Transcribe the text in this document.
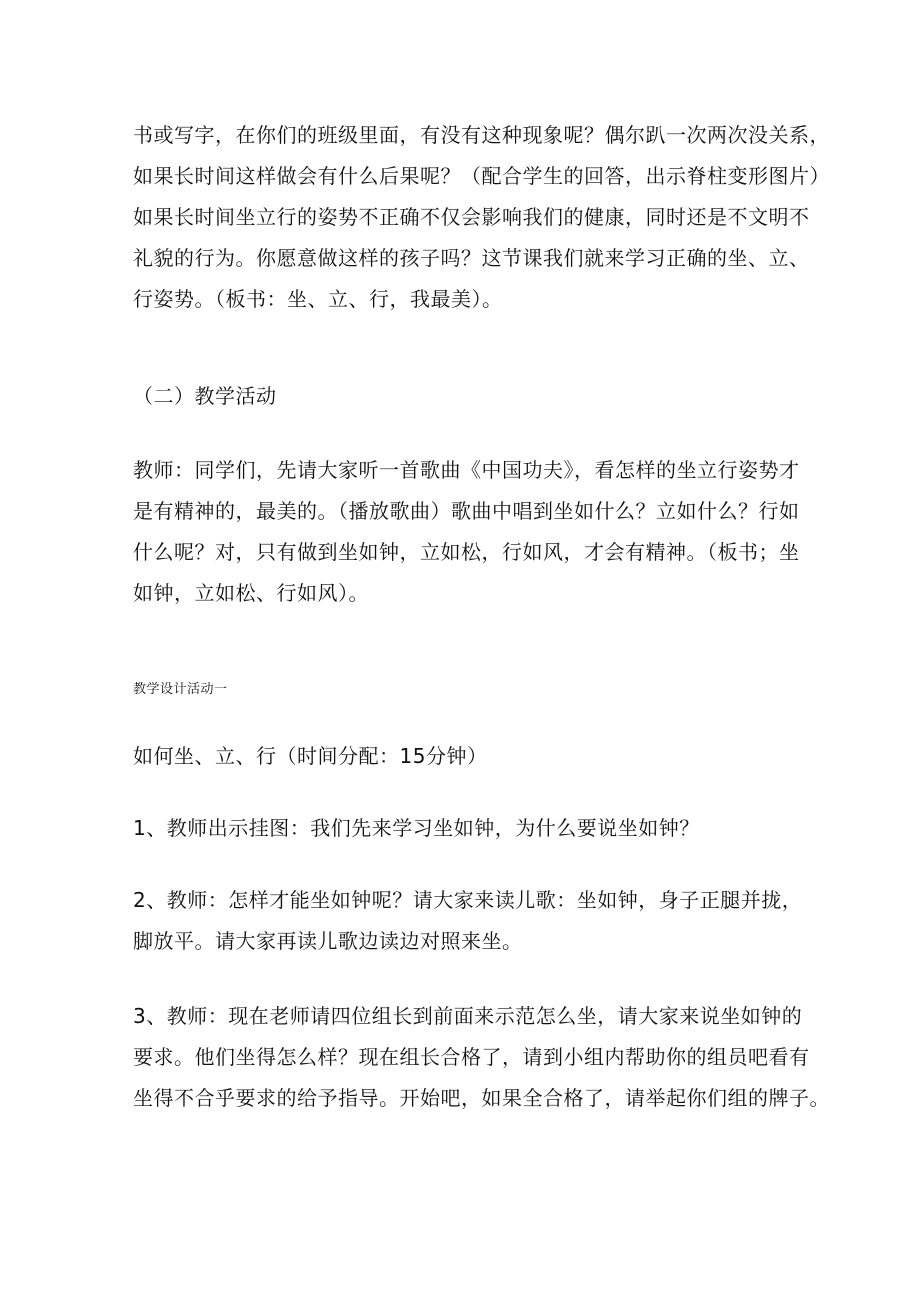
书或写字，在你们的班级里面，有没有这种现象呢？偶尔趴一次两次没关系，
如果长时间这样做会有什么后果呢？（配合学生的回答，出示脊柱变形图片）
如果长时间坐立行的姿势不正确不仅会影响我们的健康，同时还是不文明不
礼貌的行为。你愿意做这样的孩子吗？这节课我们就来学习正确的坐、立、
行姿势。（板书：坐、立、行，我最美）。
（二）教学活动
教师：同学们，先请大家听一首歌曲《中国功夫》，看怎样的坐立行姿势才
是有精神的，最美的。（播放歌曲）歌曲中唱到坐如什么？立如什么？行如
什么呢？对，只有做到坐如钟，立如松，行如风，才会有精神。（板书；坐
如钟，立如松、行如风）。
教学设计活动一
如何坐、立、行（时间分配：15分钟）
1、教师出示挂图：我们先来学习坐如钟，为什么要说坐如钟？
2、教师：怎样才能坐如钟呢？请大家来读儿歌：坐如钟，身子正腿并拢，
脚放平。请大家再读儿歌边读边对照来坐。
3、教师：现在老师请四位组长到前面来示范怎么坐，请大家来说坐如钟的
要求。他们坐得怎么样？现在组长合格了，请到小组内帮助你的组员吧看有
坐得不合乎要求的给予指导。开始吧，如果全合格了，请举起你们组的牌子。
